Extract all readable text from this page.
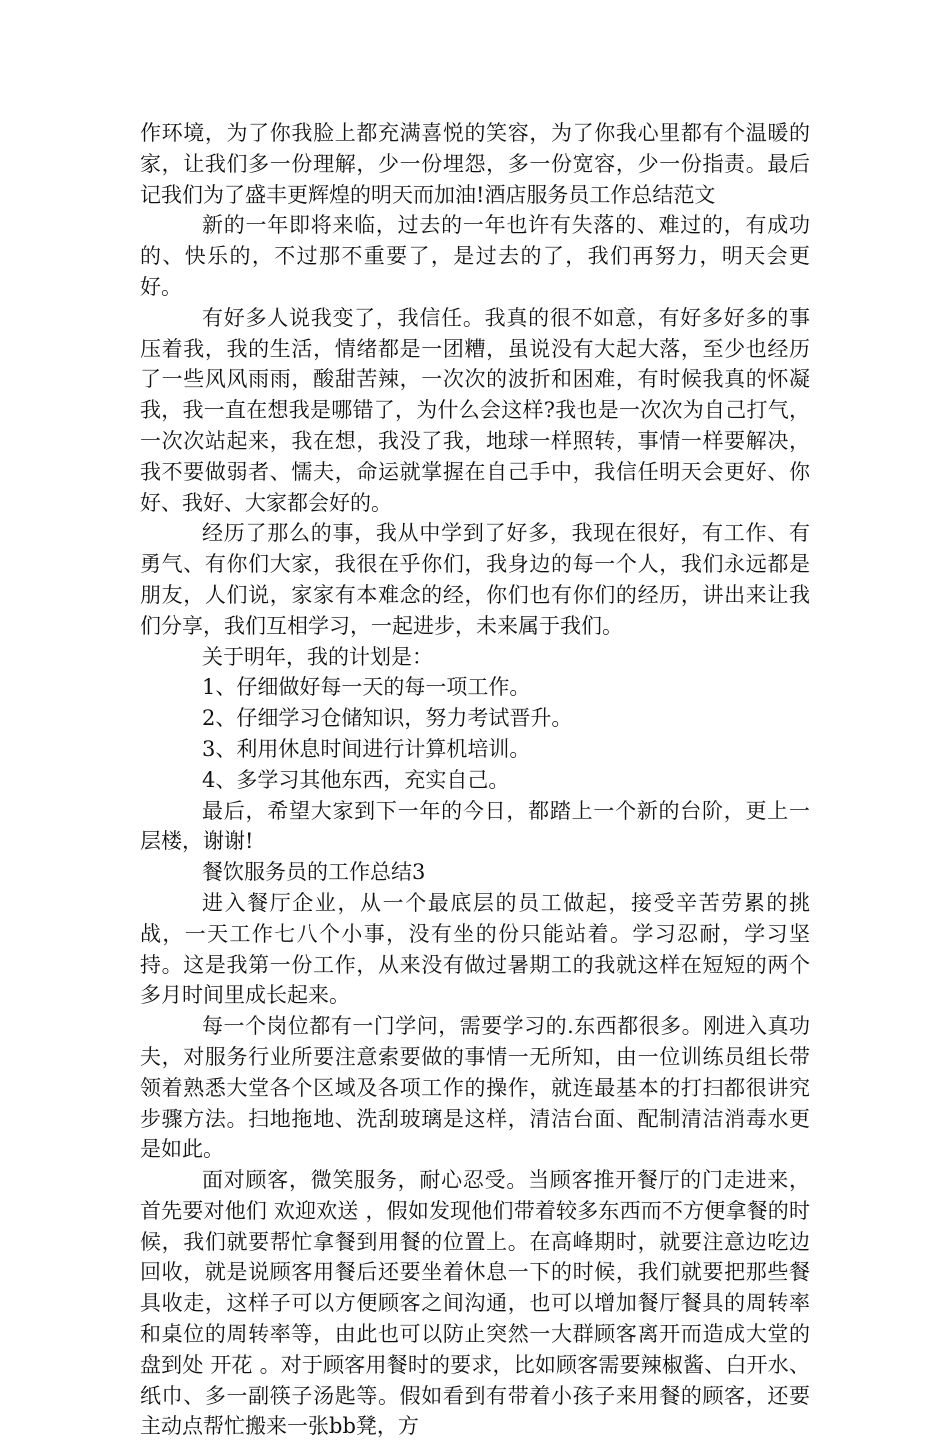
作环境，为了你我脸上都充满喜悦的笑容，为了你我心里都有个温暖的家，让我们多一份理解，少一份埋怨，多一份宽容，少一份指责。最后记我们为了盛丰更辉煌的明天而加油!酒店服务员工作总结范文

新的一年即将来临，过去的一年也许有失落的、难过的，有成功的、快乐的，不过那不重要了，是过去的了，我们再努力，明天会更好。

有好多人说我变了，我信任。我真的很不如意，有好多好多的事压着我，我的生活，情绪都是一团糟，虽说没有大起大落，至少也经历了一些风风雨雨，酸甜苦辣，一次次的波折和困难，有时候我真的怀凝我，我一直在想我是哪错了，为什么会这样?我也是一次次为自己打气，一次次站起来，我在想，我没了我，地球一样照转，事情一样要解决，我不要做弱者、懦夫，命运就掌握在自己手中，我信任明天会更好、你好、我好、大家都会好的。

经历了那么的事，我从中学到了好多，我现在很好，有工作、有勇气、有你们大家，我很在乎你们，我身边的每一个人，我们永远都是朋友，人们说，家家有本难念的经，你们也有你们的经历，讲出来让我们分享，我们互相学习，一起进步，未来属于我们。

关于明年，我的计划是：

1、仔细做好每一天的每一项工作。

2、仔细学习仓储知识，努力考试晋升。

3、利用休息时间进行计算机培训。

4、多学习其他东西，充实自己。

最后，希望大家到下一年的今日，都踏上一个新的台阶，更上一层楼，谢谢!

餐饮服务员的工作总结3

进入餐厅企业，从一个最底层的员工做起，接受辛苦劳累的挑战，一天工作七八个小事，没有坐的份只能站着。学习忍耐，学习坚持。这是我第一份工作，从来没有做过暑期工的我就这样在短短的两个多月时间里成长起来。

每一个岗位都有一门学问，需要学习的.东西都很多。刚进入真功夫，对服务行业所要注意索要做的事情一无所知，由一位训练员组长带领着熟悉大堂各个区域及各项工作的操作，就连最基本的打扫都很讲究步骤方法。扫地拖地、洗刮玻璃是这样，清洁台面、配制清洁消毒水更是如此。

面对顾客，微笑服务，耐心忍受。当顾客推开餐厅的门走进来，首先要对他们 欢迎欢送 ，假如发现他们带着较多东西而不方便拿餐的时候，我们就要帮忙拿餐到用餐的位置上。在高峰期时，就要注意边吃边回收，就是说顾客用餐后还要坐着休息一下的时候，我们就要把那些餐具收走，这样子可以方便顾客之间沟通，也可以增加餐厅餐具的周转率和桌位的周转率等，由此也可以防止突然一大群顾客离开而造成大堂的盘到处 开花 。对于顾客用餐时的要求，比如顾客需要辣椒酱、白开水、纸巾、多一副筷子汤匙等。假如看到有带着小孩子来用餐的顾客，还要主动点帮忙搬来一张bb凳，方
